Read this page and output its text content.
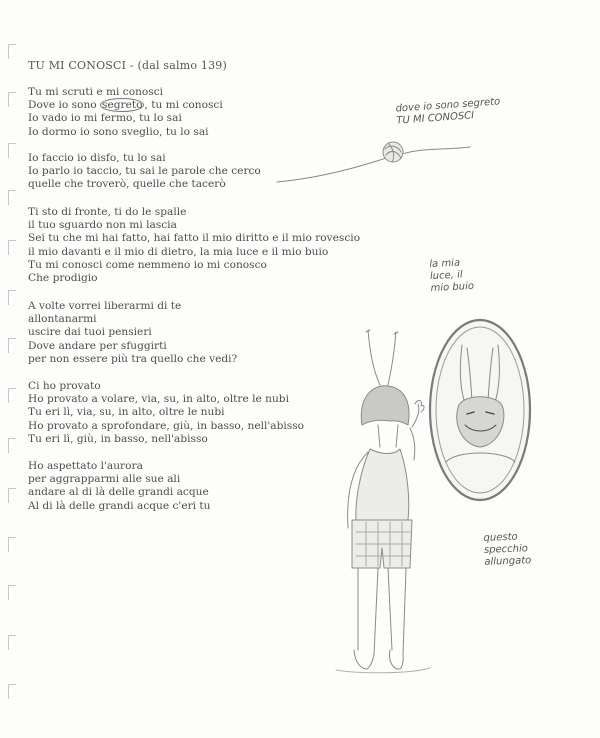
TU MI CONOSCI - (dal salmo 139)
Tu mi scruti e mi conosci
Dove io sono segreto , tu mi conosci
Io vado io mi fermo, tu lo sai
Io dormo io sono sveglio, tu lo sai
Io faccio io disfo, tu lo sai
Io parlo io taccio, tu sai le parole che cerco
quelle che troverò, quelle che tacerò
Ti sto di fronte, ti do le spalle
il tuo sguardo non mi lascia
Sei tu che mi hai fatto, hai fatto il mio diritto e il mio rovescio
il mio davanti e il mio di dietro, la mia luce e il mio buio
Tu mi conosci come nemmeno io mi conosco
Che prodigio
A volte vorrei liberarmi di te
allontanarmi
uscire dai tuoi pensieri
Dove andare per sfuggirti
per non essere più tra quello che vedi?
Ci ho provato
Ho provato a volare, via, su, in alto, oltre le nubi
Tu eri lì, via, su, in alto, oltre le nubi
Ho provato a sprofondare, giù, in basso, nell'abisso
Tu eri lì, giù, in basso, nell'abisso
Ho aspettato l'aurora
per aggrapparmi alle sue ali
andare al di là delle grandi acque
Al di là delle grandi acque c'eri tu
dove io sono segreto
TU MI CONOSCI
la mia
luce, il
mio buio
questo
specchio
allungato
